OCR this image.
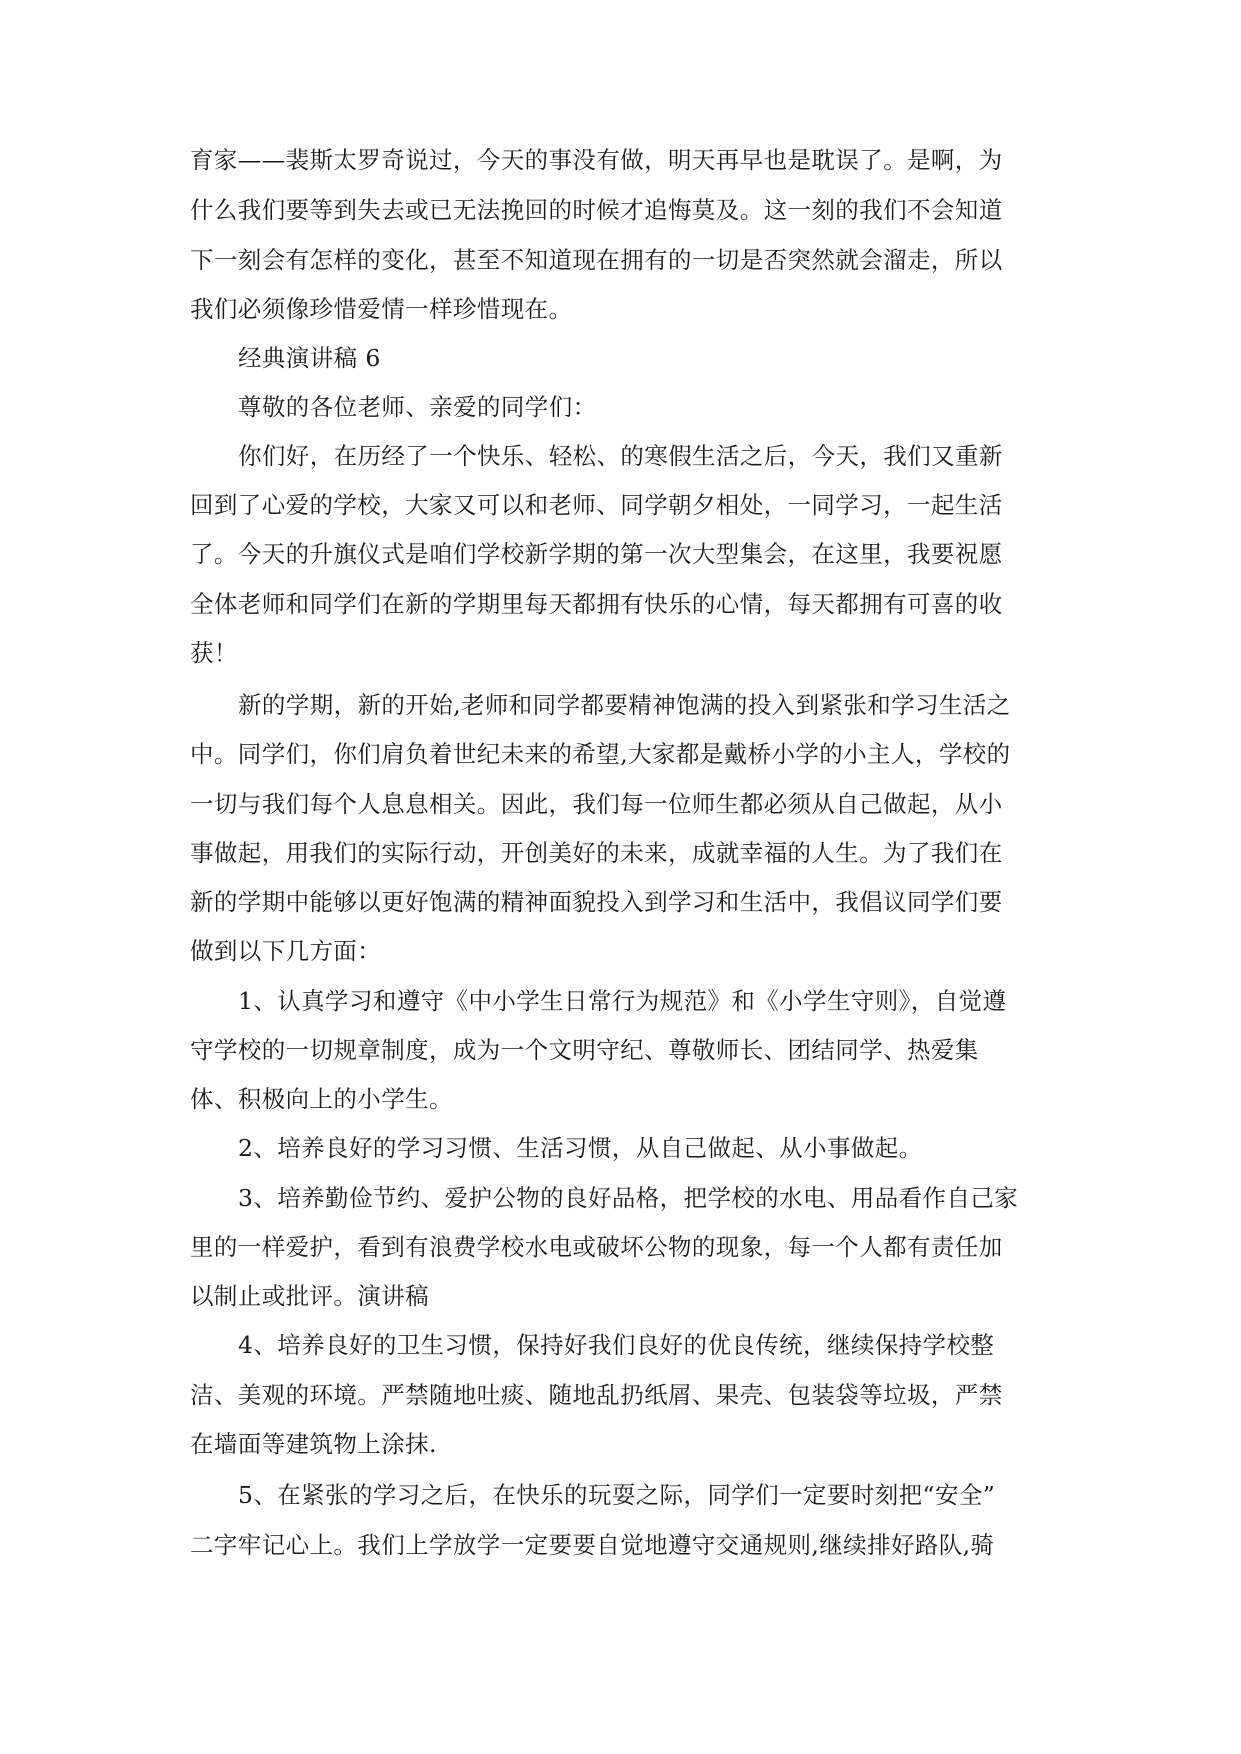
育家——裴斯太罗奇说过，今天的事没有做，明天再早也是耽误了。是啊，为
什么我们要等到失去或已无法挽回的时候才追悔莫及。这一刻的我们不会知道
下一刻会有怎样的变化，甚至不知道现在拥有的一切是否突然就会溜走，所以
我们必须像珍惜爱情一样珍惜现在。
经典演讲稿 6
尊敬的各位老师、亲爱的同学们：
你们好，在历经了一个快乐、轻松、的寒假生活之后，今天，我们又重新
回到了心爱的学校，大家又可以和老师、同学朝夕相处，一同学习，一起生活
了。今天的升旗仪式是咱们学校新学期的第一次大型集会，在这里，我要祝愿
全体老师和同学们在新的学期里每天都拥有快乐的心情，每天都拥有可喜的收
获！
新的学期，新的开始,老师和同学都要精神饱满的投入到紧张和学习生活之
中。同学们，你们肩负着世纪未来的希望,大家都是戴桥小学的小主人，学校的
一切与我们每个人息息相关。因此，我们每一位师生都必须从自己做起，从小
事做起，用我们的实际行动，开创美好的未来，成就幸福的人生。为了我们在
新的学期中能够以更好饱满的精神面貌投入到学习和生活中，我倡议同学们要
做到以下几方面：
1、认真学习和遵守《中小学生日常行为规范》和《小学生守则》，自觉遵
守学校的一切规章制度，成为一个文明守纪、尊敬师长、团结同学、热爱集
体、积极向上的小学生。
2、培养良好的学习习惯、生活习惯，从自己做起、从小事做起。
3、培养勤俭节约、爱护公物的良好品格，把学校的水电、用品看作自己家
里的一样爱护，看到有浪费学校水电或破坏公物的现象，每一个人都有责任加
以制止或批评。演讲稿
4、培养良好的卫生习惯，保持好我们良好的优良传统，继续保持学校整
洁、美观的环境。严禁随地吐痰、随地乱扔纸屑、果壳、包装袋等垃圾，严禁
在墙面等建筑物上涂抹.
5、在紧张的学习之后，在快乐的玩耍之际，同学们一定要时刻把“安全”
二字牢记心上。我们上学放学一定要要自觉地遵守交通规则,继续排好路队,骑
